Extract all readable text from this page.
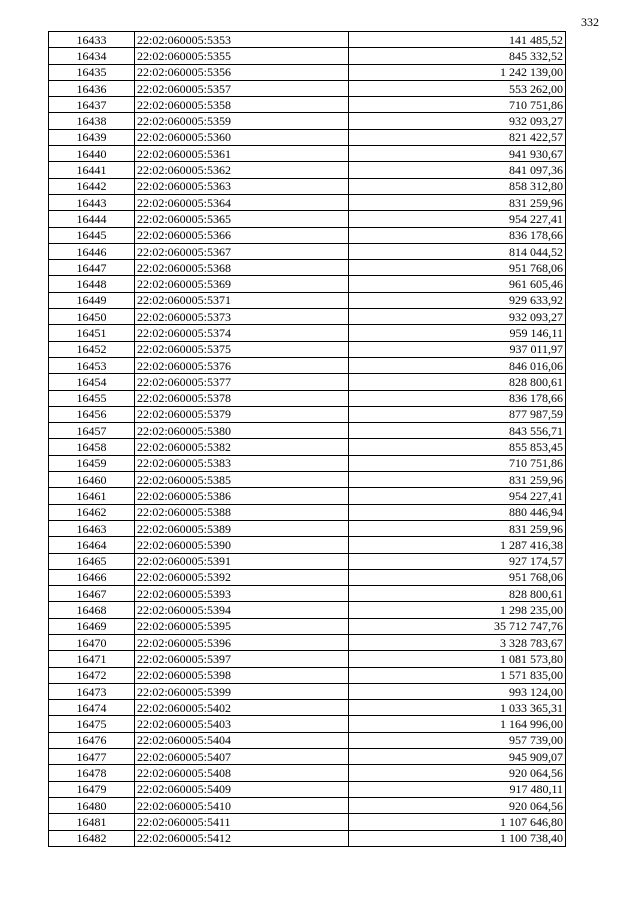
332
16433	22:02:060005:5353	141 485,52
16434	22:02:060005:5355	845 332,52
16435	22:02:060005:5356	1 242 139,00
16436	22:02:060005:5357	553 262,00
16437	22:02:060005:5358	710 751,86
16438	22:02:060005:5359	932 093,27
16439	22:02:060005:5360	821 422,57
16440	22:02:060005:5361	941 930,67
16441	22:02:060005:5362	841 097,36
16442	22:02:060005:5363	858 312,80
16443	22:02:060005:5364	831 259,96
16444	22:02:060005:5365	954 227,41
16445	22:02:060005:5366	836 178,66
16446	22:02:060005:5367	814 044,52
16447	22:02:060005:5368	951 768,06
16448	22:02:060005:5369	961 605,46
16449	22:02:060005:5371	929 633,92
16450	22:02:060005:5373	932 093,27
16451	22:02:060005:5374	959 146,11
16452	22:02:060005:5375	937 011,97
16453	22:02:060005:5376	846 016,06
16454	22:02:060005:5377	828 800,61
16455	22:02:060005:5378	836 178,66
16456	22:02:060005:5379	877 987,59
16457	22:02:060005:5380	843 556,71
16458	22:02:060005:5382	855 853,45
16459	22:02:060005:5383	710 751,86
16460	22:02:060005:5385	831 259,96
16461	22:02:060005:5386	954 227,41
16462	22:02:060005:5388	880 446,94
16463	22:02:060005:5389	831 259,96
16464	22:02:060005:5390	1 287 416,38
16465	22:02:060005:5391	927 174,57
16466	22:02:060005:5392	951 768,06
16467	22:02:060005:5393	828 800,61
16468	22:02:060005:5394	1 298 235,00
16469	22:02:060005:5395	35 712 747,76
16470	22:02:060005:5396	3 328 783,67
16471	22:02:060005:5397	1 081 573,80
16472	22:02:060005:5398	1 571 835,00
16473	22:02:060005:5399	993 124,00
16474	22:02:060005:5402	1 033 365,31
16475	22:02:060005:5403	1 164 996,00
16476	22:02:060005:5404	957 739,00
16477	22:02:060005:5407	945 909,07
16478	22:02:060005:5408	920 064,56
16479	22:02:060005:5409	917 480,11
16480	22:02:060005:5410	920 064,56
16481	22:02:060005:5411	1 107 646,80
16482	22:02:060005:5412	1 100 738,40
